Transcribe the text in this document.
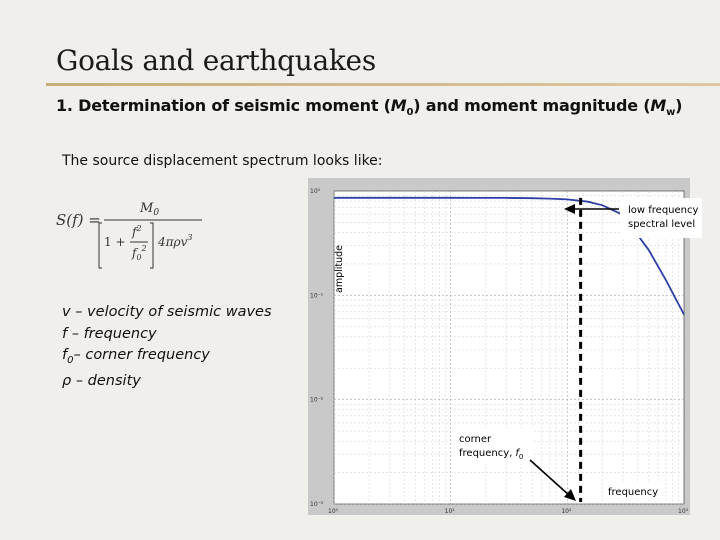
Goals and earthquakes

1. Determination of seismic moment $(M_0)$ and moment magnitude $(M_w)$

The source displacement spectrum looks like:

S(f) =
$M_0$
1 +
$f^2$
$f_0^2$ 4πρv$^3$
v – velocity of seismic waves
f – frequency
$f_0-$ corner frequency
ρ – density
10⁰	10¹	10²	10³
10⁻³
10⁻²
10⁻¹
10⁰
amplitude
low frequency spectral level
corner frequency, $f_0$
frequency
